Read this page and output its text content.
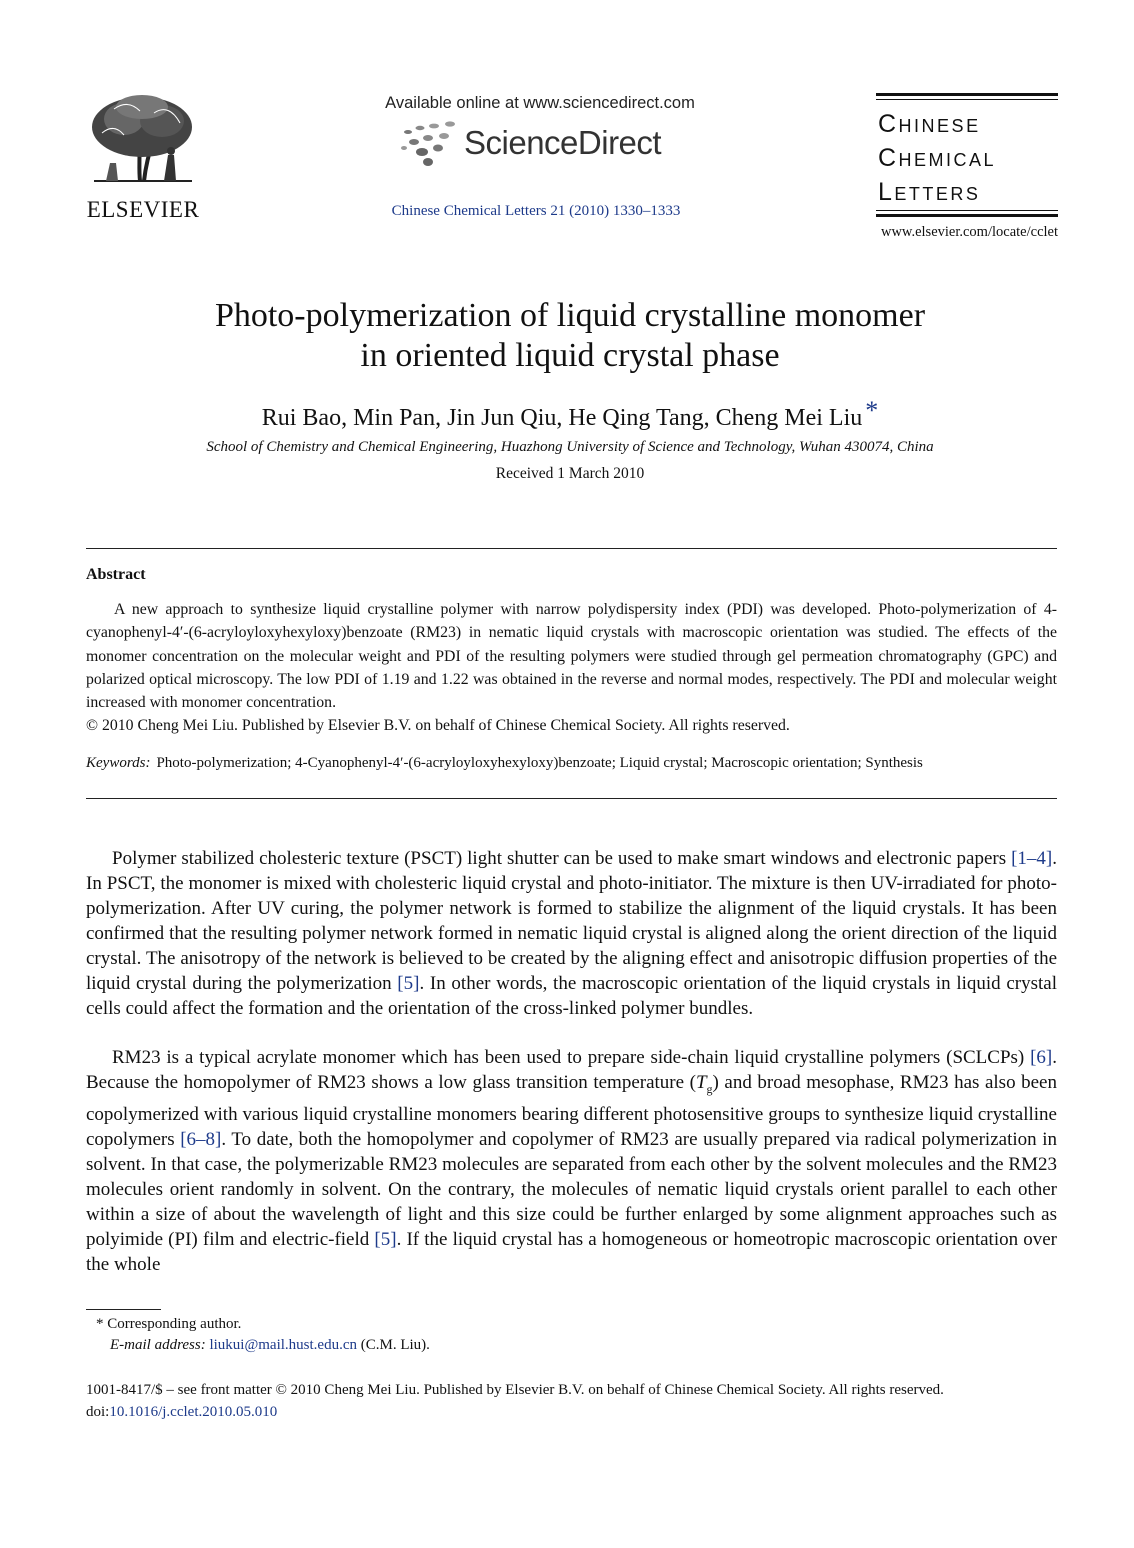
ELSEVIER
Available online at www.sciencedirect.com
ScienceDirect
Chinese Chemical Letters 21 (2010) 1330–1333
Chinese
Chemical
Letters
www.elsevier.com/locate/cclet
Photo-polymerization of liquid crystalline monomer
in oriented liquid crystal phase
Rui Bao, Min Pan, Jin Jun Qiu, He Qing Tang, Cheng Mei Liu *
School of Chemistry and Chemical Engineering, Huazhong University of Science and Technology, Wuhan 430074, China
Received 1 March 2010
Abstract
A new approach to synthesize liquid crystalline polymer with narrow polydispersity index (PDI) was developed. Photo-polymerization of 4-cyanophenyl-4′-(6-acryloyloxyhexyloxy)benzoate (RM23) in nematic liquid crystals with macroscopic orientation was studied. The effects of the monomer concentration on the molecular weight and PDI of the resulting polymers were studied through gel permeation chromatography (GPC) and polarized optical microscopy. The low PDI of 1.19 and 1.22 was obtained in the reverse and normal modes, respectively. The PDI and molecular weight increased with monomer concentration.
© 2010 Cheng Mei Liu. Published by Elsevier B.V. on behalf of Chinese Chemical Society. All rights reserved.
Keywords: Photo-polymerization; 4-Cyanophenyl-4′-(6-acryloyloxyhexyloxy)benzoate; Liquid crystal; Macroscopic orientation; Synthesis
Polymer stabilized cholesteric texture (PSCT) light shutter can be used to make smart windows and electronic papers [1–4]. In PSCT, the monomer is mixed with cholesteric liquid crystal and photo-initiator. The mixture is then UV-irradiated for photo-polymerization. After UV curing, the polymer network is formed to stabilize the alignment of the liquid crystals. It has been confirmed that the resulting polymer network formed in nematic liquid crystal is aligned along the orient direction of the liquid crystal. The anisotropy of the network is believed to be created by the aligning effect and anisotropic diffusion properties of the liquid crystal during the polymerization [5]. In other words, the macroscopic orientation of the liquid crystals in liquid crystal cells could affect the formation and the orientation of the cross-linked polymer bundles.
RM23 is a typical acrylate monomer which has been used to prepare side-chain liquid crystalline polymers (SCLCPs) [6]. Because the homopolymer of RM23 shows a low glass transition temperature $(T_g)$ and broad mesophase, RM23 has also been copolymerized with various liquid crystalline monomers bearing different photosensitive groups to synthesize liquid crystalline copolymers [6–8]. To date, both the homopolymer and copolymer of RM23 are usually prepared via radical polymerization in solvent. In that case, the polymerizable RM23 molecules are separated from each other by the solvent molecules and the RM23 molecules orient randomly in solvent. On the contrary, the molecules of nematic liquid crystals orient parallel to each other within a size of about the wavelength of light and this size could be further enlarged by some alignment approaches such as polyimide (PI) film and electric-field [5]. If the liquid crystal has a homogeneous or homeotropic macroscopic orientation over the whole
* Corresponding author.
E-mail address: liukui@mail.hust.edu.cn (C.M. Liu).
1001-8417/$ – see front matter © 2010 Cheng Mei Liu. Published by Elsevier B.V. on behalf of Chinese Chemical Society. All rights reserved.
doi:10.1016/j.cclet.2010.05.010
